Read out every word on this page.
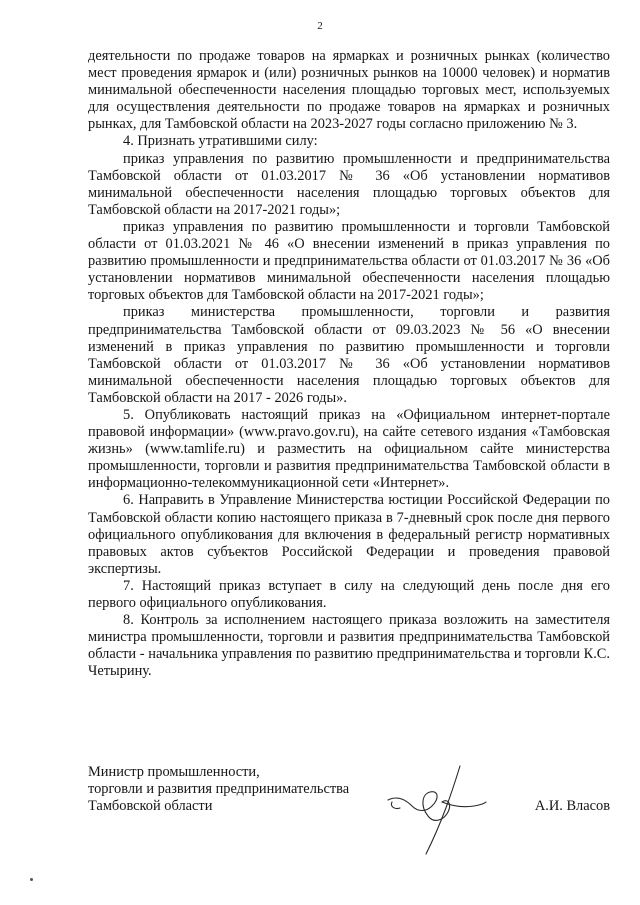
2

деятельности по продаже товаров на ярмарках и розничных рынках (количество мест проведения ярмарок и (или) розничных рынков на 10000 человек) и норматив минимальной обеспеченности населения площадью торговых мест, используемых для осуществления деятельности по продаже товаров на ярмарках и розничных рынках, для Тамбовской области на 2023-2027 годы согласно приложению № 3.

4. Признать утратившими силу:

приказ управления по развитию промышленности и предпринимательства Тамбовской области от 01.03.2017 № 36 «Об установлении нормативов минимальной обеспеченности населения площадью торговых объектов для Тамбовской области на 2017-2021 годы»;

приказ управления по развитию промышленности и торговли Тамбовской области от 01.03.2021 № 46 «О внесении изменений в приказ управления по развитию промышленности и предпринимательства области от 01.03.2017 № 36 «Об установлении нормативов минимальной обеспеченности населения площадью торговых объектов для Тамбовской области на 2017-2021 годы»;

приказ министерства промышленности, торговли и развития предпринимательства Тамбовской области от 09.03.2023 № 56 «О внесении изменений в приказ управления по развитию промышленности и торговли Тамбовской области от 01.03.2017 № 36 «Об установлении нормативов минимальной обеспеченности населения площадью торговых объектов для Тамбовской области на 2017 - 2026 годы».

5. Опубликовать настоящий приказ на «Официальном интернет-портале правовой информации» (www.pravo.gov.ru), на сайте сетевого издания «Тамбовская жизнь» (www.tamlife.ru) и разместить на официальном сайте министерства промышленности, торговли и развития предпринимательства Тамбовской области в информационно-телекоммуникационной сети «Интернет».

6. Направить в Управление Министерства юстиции Российской Федерации по Тамбовской области копию настоящего приказа в 7-дневный срок после дня первого официального опубликования для включения в федеральный регистр нормативных правовых актов субъектов Российской Федерации и проведения правовой экспертизы.

7. Настоящий приказ вступает в силу на следующий день после дня его первого официального опубликования.

8. Контроль за исполнением настоящего приказа возложить на заместителя министра промышленности, торговли и развития предпринимательства Тамбовской области - начальника управления по развитию предпринимательства и торговли К.С. Четырину.

Министр промышленности,

торговли и развития предпринимательства

Тамбовской области	А.И. Власов
